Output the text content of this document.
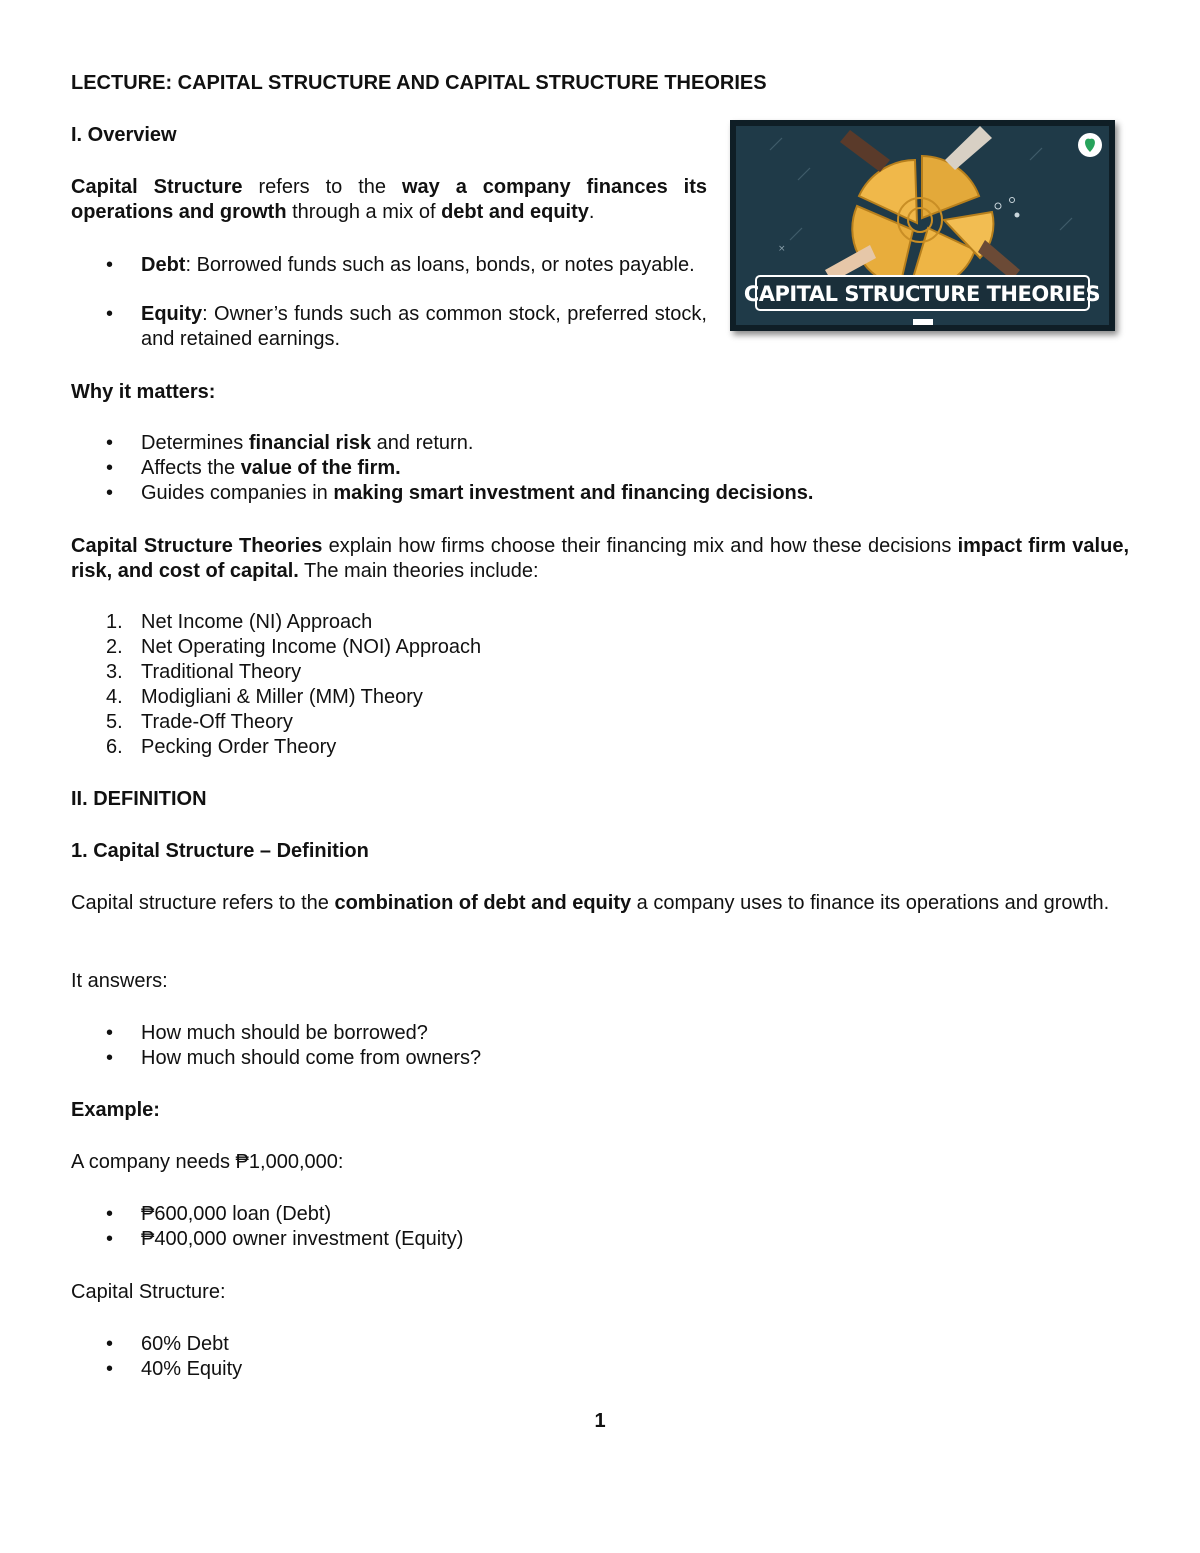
LECTURE: CAPITAL STRUCTURE AND CAPITAL STRUCTURE THEORIES
I. Overview
Capital Structure refers to the way a company finances its operations and growth through a mix of debt and equity.
• Debt: Borrowed funds such as loans, bonds, or notes payable.
• Equity: Owner’s funds such as common stock, preferred stock, and retained earnings.
×
CAPITAL STRUCTURE THEORIES
Why it matters:
• Determines financial risk and return.
• Affects the value of the firm.
• Guides companies in making smart investment and financing decisions.
Capital Structure Theories explain how firms choose their financing mix and how these decisions impact firm value, risk, and cost of capital. The main theories include:
1. Net Income (NI) Approach
2. Net Operating Income (NOI) Approach
3. Traditional Theory
4. Modigliani & Miller (MM) Theory
5. Trade-Off Theory
6. Pecking Order Theory
II. DEFINITION
1. Capital Structure – Definition
Capital structure refers to the combination of debt and equity a company uses to finance its operations and growth.
It answers:
• How much should be borrowed?
• How much should come from owners?
Example:
A company needs ₱1,000,000:
• ₱600,000 loan (Debt)
• ₱400,000 owner investment (Equity)
Capital Structure:
• 60% Debt
• 40% Equity
1
